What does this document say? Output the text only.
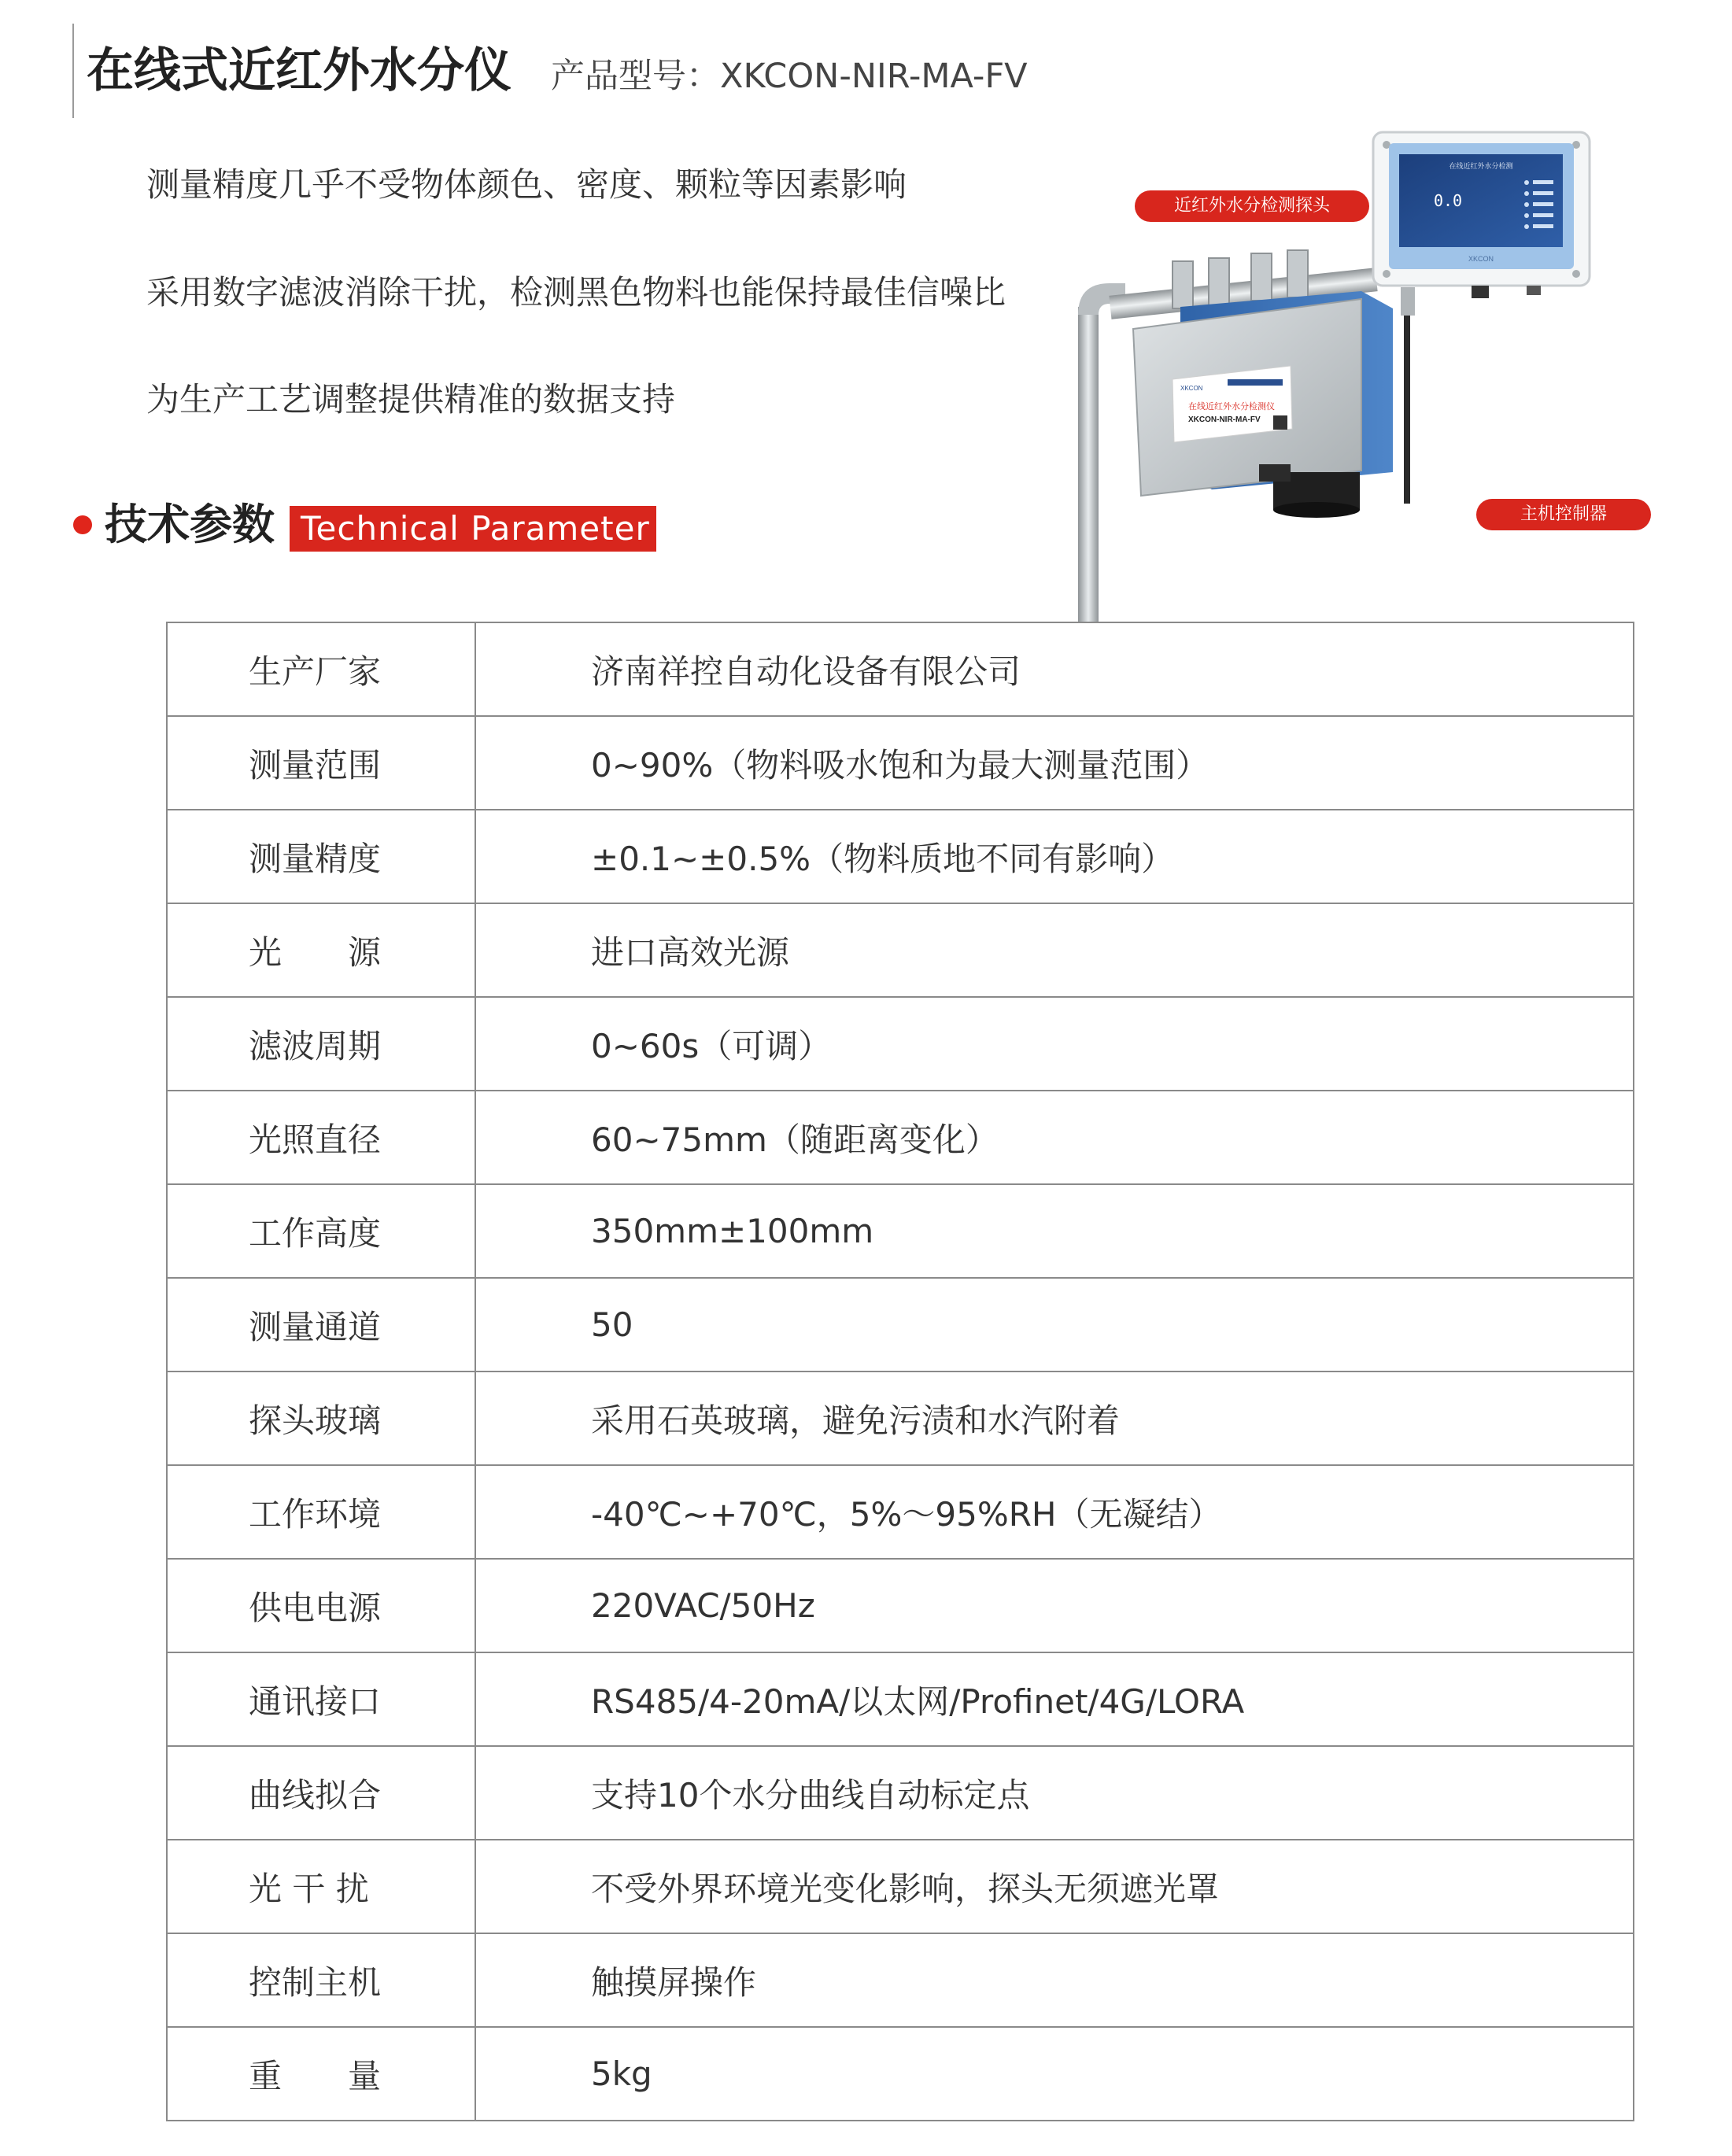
在线式近红外水分仪 产品型号：XKCON-NIR-MA-FV
测量精度几乎不受物体颜色、密度、颗粒等因素影响
采用数字滤波消除干扰，检测黑色物料也能保持最佳信噪比
为生产工艺调整提供精准的数据支持
技术参数 Technical Parameter
XKCON
在线近红外水分检测仪
XKCON-NIR-MA-FV
在线近红外水分检测
0.0
XKCON
近红外水分检测探头
主机控制器
生产厂家	济南祥控自动化设备有限公司
测量范围	0~90%（物料吸水饱和为最大测量范围）
测量精度	±0.1~±0.5%（物料质地不同有影响）
光　　源	进口高效光源
滤波周期	0~60s（可调）
光照直径	60~75mm（随距离变化）
工作高度	350mm±100mm
测量通道	50
探头玻璃	采用石英玻璃，避免污渍和水汽附着
工作环境	-40℃~+70℃，5%～95%RH（无凝结）
供电电源	220VAC/50Hz
通讯接口	RS485/4-20mA/以太网/Profinet/4G/LORA
曲线拟合	支持10个水分曲线自动标定点
光 干 扰	不受外界环境光变化影响，探头无须遮光罩
控制主机	触摸屏操作
重　　量	5kg
